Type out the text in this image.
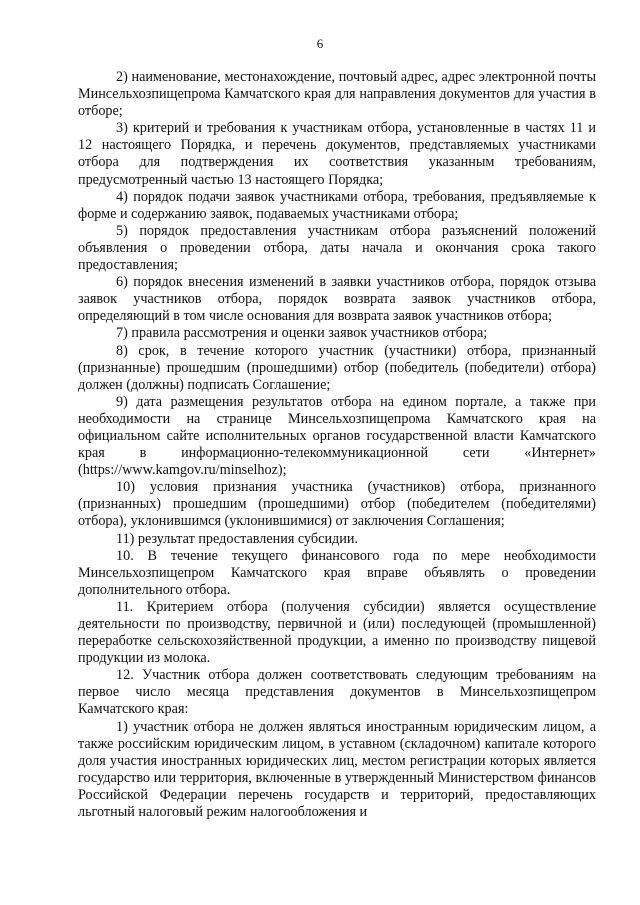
6

2) наименование, местонахождение, почтовый адрес, адрес электронной почты Минсельхозпищепрома Камчатского края для направления документов для участия в отборе;

3) критерий и требования к участникам отбора, установленные в частях 11 и 12 настоящего Порядка, и перечень документов, представляемых участниками отбора для подтверждения их соответствия указанным требованиям, предусмотренный частью 13 настоящего Порядка;

4) порядок подачи заявок участниками отбора, требования, предъявляемые к форме и содержанию заявок, подаваемых участниками отбора;

5) порядок предоставления участникам отбора разъяснений положений объявления о проведении отбора, даты начала и окончания срока такого предоставления;

6) порядок внесения изменений в заявки участников отбора, порядок отзыва заявок участников отбора, порядок возврата заявок участников отбора, определяющий в том числе основания для возврата заявок участников отбора;

7) правила рассмотрения и оценки заявок участников отбора;

8) срок, в течение которого участник (участники) отбора, признанный (признанные) прошедшим (прошедшими) отбор (победитель (победители) отбора) должен (должны) подписать Соглашение;

9) дата размещения результатов отбора на едином портале, а также при необходимости на странице Минсельхозпищепрома Камчатского края на официальном сайте исполнительных органов государственной власти Камчатского края в информационно-телекоммуникационной сети «Интернет» (https://www.kamgov.ru/minselhoz);

10) условия признания участника (участников) отбора, признанного (признанных) прошедшим (прошедшими) отбор (победителем (победителями) отбора), уклонившимся (уклонившимися) от заключения Соглашения;

11) результат предоставления субсидии.

10. В течение текущего финансового года по мере необходимости Минсельхозпищепром Камчатского края вправе объявлять о проведении дополнительного отбора.

11. Критерием отбора (получения субсидии) является осуществление деятельности по производству, первичной и (или) последующей (промышленной) переработке сельскохозяйственной продукции, а именно по производству пищевой продукции из молока.

12. Участник отбора должен соответствовать следующим требованиям на первое число месяца представления документов в Минсельхозпищепром Камчатского края:

1) участник отбора не должен являться иностранным юридическим лицом, а также российским юридическим лицом, в уставном (складочном) капитале которого доля участия иностранных юридических лиц, местом регистрации которых является государство или территория, включенные в утвержденный Министерством финансов Российской Федерации перечень государств и территорий, предоставляющих льготный налоговый режим налогообложения и
